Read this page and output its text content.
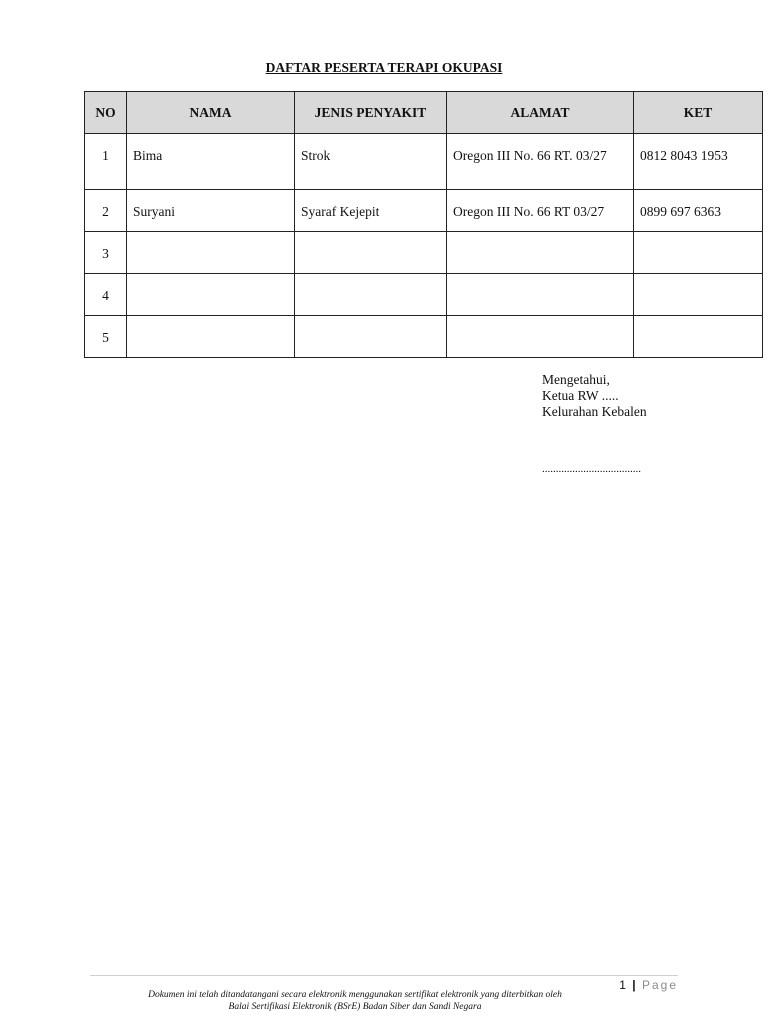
DAFTAR PESERTA TERAPI OKUPASI
NO	NAMA	JENIS PENYAKIT	ALAMAT	KET
1	Bima	Strok	Oregon III No. 66 RT. 03/27	0812 8043 1953
2	Suryani	Syaraf Kejepit	Oregon III No. 66 RT 03/27	0899 697 6363
3				
4				
5				
Mengetahui,
Ketua RW .....
Kelurahan Kebalen
....................................
1 | Page
Dokumen ini telah ditandatangani secara elektronik menggunakan sertifikat elektronik yang diterbitkan oleh
Balai Sertifikasi Elektronik (BSrE) Badan Siber dan Sandi Negara
